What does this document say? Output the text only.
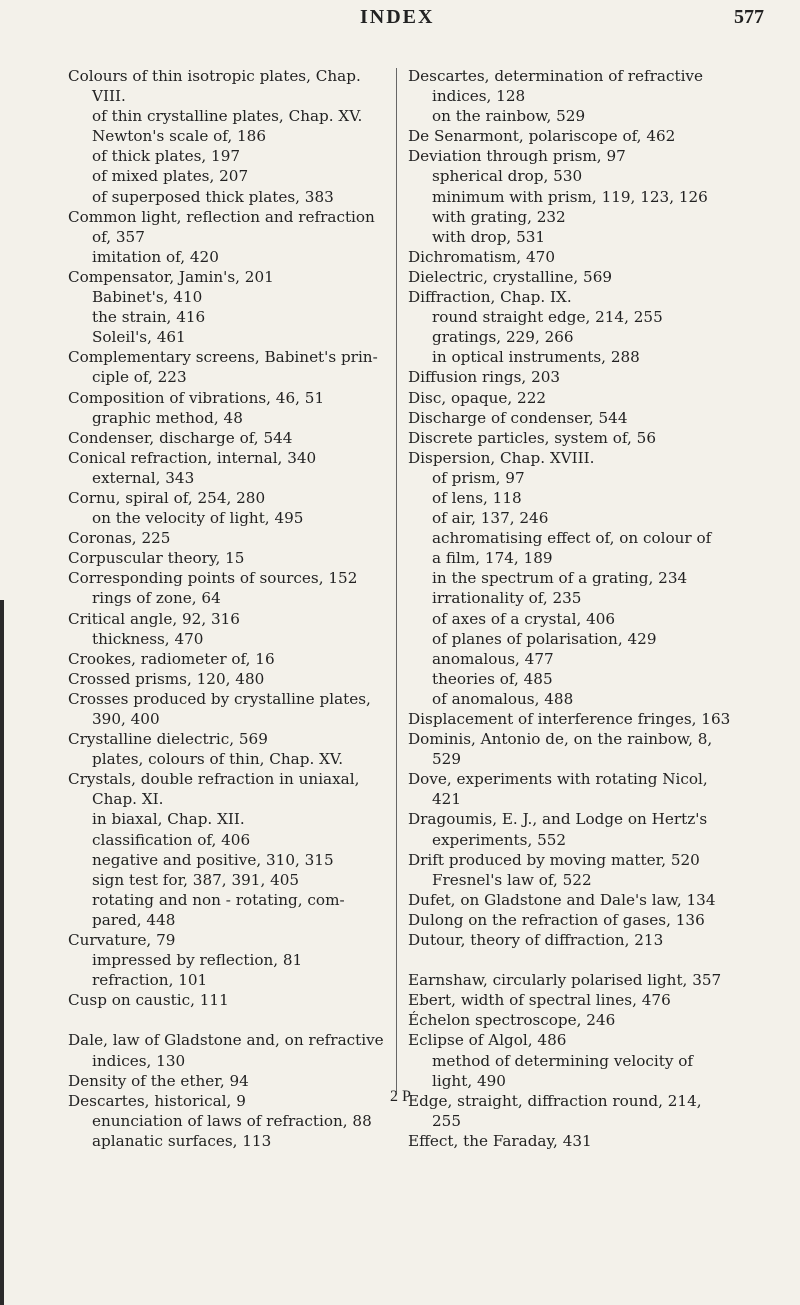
INDEX	577
Colours of thin isotropic plates, Chap.
VIII.
of thin crystalline plates, Chap. XV.
Newton's scale of, 186
of thick plates, 197
of mixed plates, 207
of superposed thick plates, 383
Common light, reflection and refraction
of, 357
imitation of, 420
Compensator, Jamin's, 201
Babinet's, 410
the strain, 416
Soleil's, 461
Complementary screens, Babinet's prin-
ciple of, 223
Composition of vibrations, 46, 51
graphic method, 48
Condenser, discharge of, 544
Conical refraction, internal, 340
external, 343
Cornu, spiral of, 254, 280
on the velocity of light, 495
Coronas, 225
Corpuscular theory, 15
Corresponding points of sources, 152
rings of zone, 64
Critical angle, 92, 316
thickness, 470
Crookes, radiometer of, 16
Crossed prisms, 120, 480
Crosses produced by crystalline plates,
390, 400
Crystalline dielectric, 569
plates, colours of thin, Chap. XV.
Crystals, double refraction in uniaxal,
Chap. XI.
in biaxal, Chap. XII.
classification of, 406
negative and positive, 310, 315
sign test for, 387, 391, 405
rotating and non - rotating, com-
pared, 448
Curvature, 79
impressed by reflection, 81
refraction, 101
Cusp on caustic, 111
Dale, law of Gladstone and, on refractive
indices, 130
Density of the ether, 94
Descartes, historical, 9
enunciation of laws of refraction, 88
aplanatic surfaces, 113
Descartes, determination of refractive
indices, 128
on the rainbow, 529
De Senarmont, polariscope of, 462
Deviation through prism, 97
spherical drop, 530
minimum with prism, 119, 123, 126
with grating, 232
with drop, 531
Dichromatism, 470
Dielectric, crystalline, 569
Diffraction, Chap. IX.
round straight edge, 214, 255
gratings, 229, 266
in optical instruments, 288
Diffusion rings, 203
Disc, opaque, 222
Discharge of condenser, 544
Discrete particles, system of, 56
Dispersion, Chap. XVIII.
of prism, 97
of lens, 118
of air, 137, 246
achromatising effect of, on colour of
a film, 174, 189
in the spectrum of a grating, 234
irrationality of, 235
of axes of a crystal, 406
of planes of polarisation, 429
anomalous, 477
theories of, 485
of anomalous, 488
Displacement of interference fringes, 163
Dominis, Antonio de, on the rainbow, 8,
529
Dove, experiments with rotating Nicol,
421
Dragoumis, E. J., and Lodge on Hertz's
experiments, 552
Drift produced by moving matter, 520
Fresnel's law of, 522
Dufet, on Gladstone and Dale's law, 134
Dulong on the refraction of gases, 136
Dutour, theory of diffraction, 213
Earnshaw, circularly polarised light, 357
Ebert, width of spectral lines, 476
Échelon spectroscope, 246
Eclipse of Algol, 486
method of determining velocity of
light, 490
Edge, straight, diffraction round, 214,
255
Effect, the Faraday, 431
2 P
